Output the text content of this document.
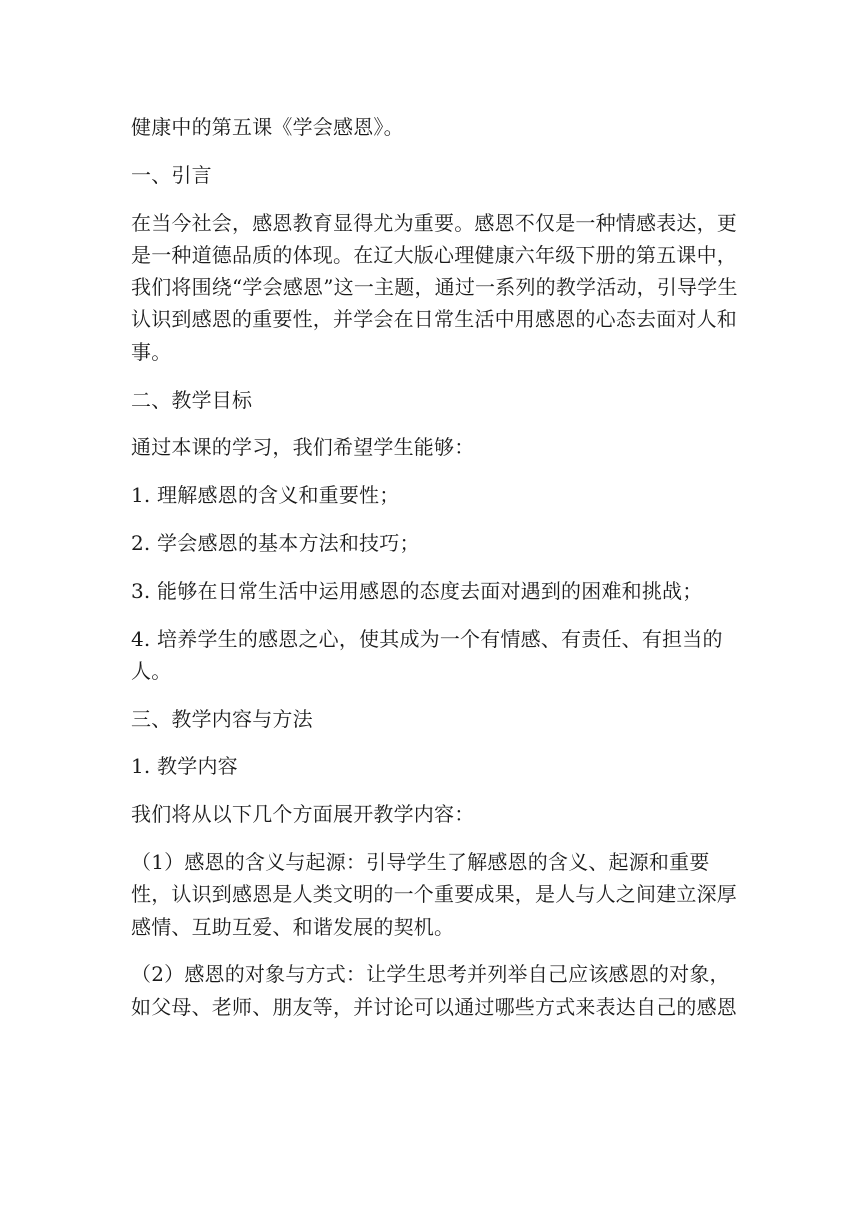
健康中的第五课《学会感恩》。

一、引言

在当今社会，感恩教育显得尤为重要。感恩不仅是一种情感表达，更是一种道德品质的体现。在辽大版心理健康六年级下册的第五课中，我们将围绕“学会感恩”这一主题，通过一系列的教学活动，引导学生认识到感恩的重要性，并学会在日常生活中用感恩的心态去面对人和事。

二、教学目标

通过本课的学习，我们希望学生能够：

1. 理解感恩的含义和重要性；

2. 学会感恩的基本方法和技巧；

3. 能够在日常生活中运用感恩的态度去面对遇到的困难和挑战；

4. 培养学生的感恩之心，使其成为一个有情感、有责任、有担当的人。

三、教学内容与方法

1. 教学内容

我们将从以下几个方面展开教学内容：

（1）感恩的含义与起源：引导学生了解感恩的含义、起源和重要性，认识到感恩是人类文明的一个重要成果，是人与人之间建立深厚感情、互助互爱、和谐发展的契机。

（2）感恩的对象与方式：让学生思考并列举自己应该感恩的对象，如父母、老师、朋友等，并讨论可以通过哪些方式来表达自己的感恩
